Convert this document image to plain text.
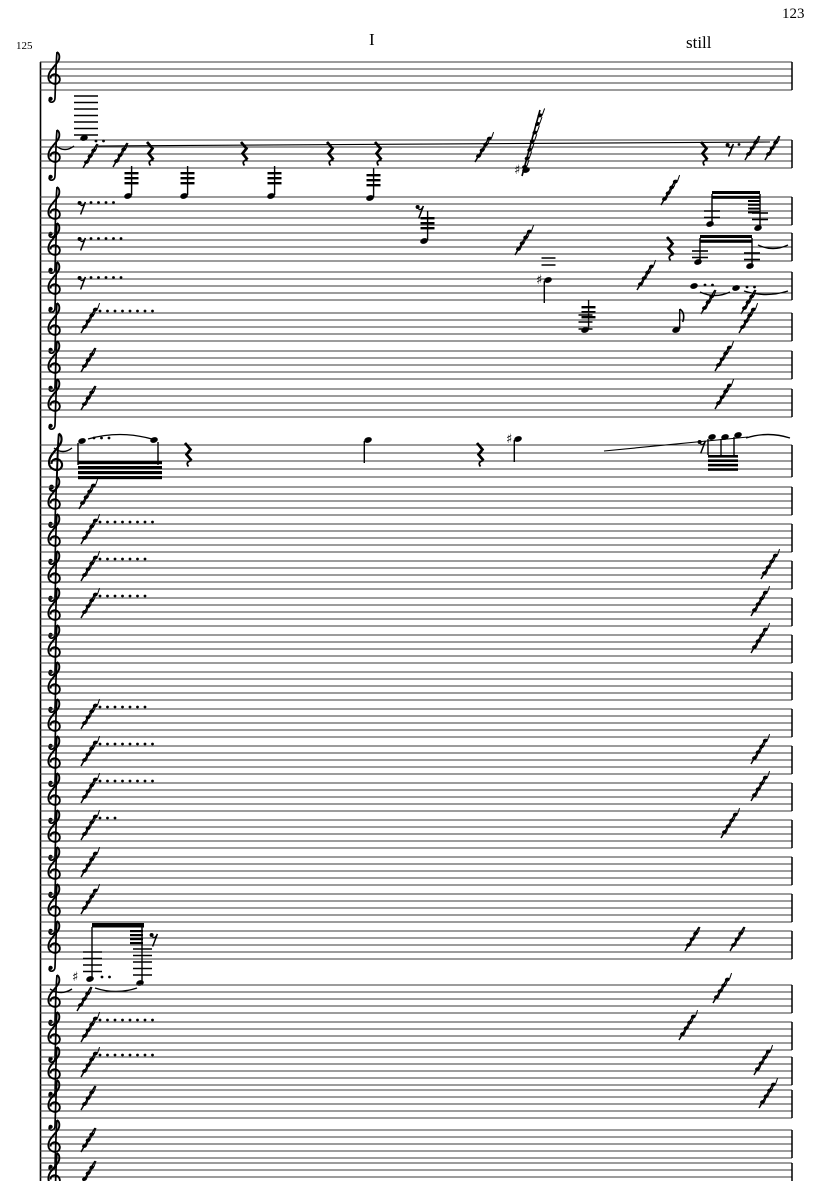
123
125	I	still
♯
♯
♯
♯
